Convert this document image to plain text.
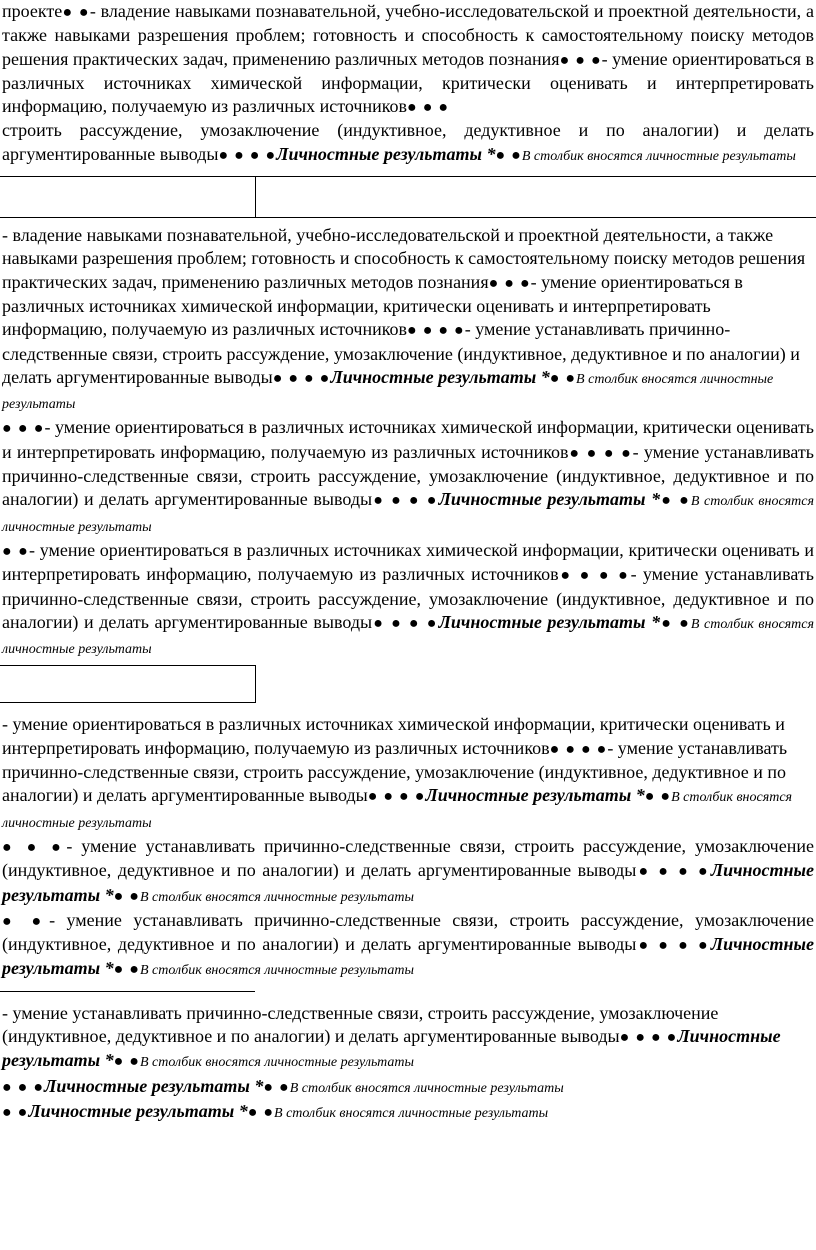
проекте● ●- владение навыками познавательной, учебно-исследовательской и проектной деятельности, а также навыками разрешения проблем; готовность и способность к самостоятельному поиску методов решения практических задач, применению различных методов познания● ● ●- умение ориентироваться в различных источниках химической информации, критически оценивать и интерпретировать информацию, получаемую из различных источников● ● ●
строить рассуждение, умозаключение (индуктивное, дедуктивное и по аналогии) и делать аргументированные выводы● ● ● ●Личностные результаты *● ●В столбик вносятся личностные результаты

- владение навыками познавательной, учебно-исследовательской и проектной деятельности, а также навыками разрешения проблем; готовность и способность к самостоятельному поиску методов решения практических задач, применению различных методов познания● ● ●- умение ориентироваться в различных источниках химической информации, критически оценивать и интерпретировать информацию, получаемую из различных источников● ● ● ●- умение устанавливать причинно-следственные связи, строить рассуждение, умозаключение (индуктивное, дедуктивное и по аналогии) и делать аргументированные выводы● ● ● ●Личностные результаты *● ●В столбик вносятся личностные результаты

● ● ●- умение ориентироваться в различных источниках химической информации, критически оценивать и интерпретировать информацию, получаемую из различных источников● ● ● ●- умение устанавливать причинно-следственные связи, строить рассуждение, умозаключение (индуктивное, дедуктивное и по аналогии) и делать аргументированные выводы● ● ● ●Личностные результаты *● ●В столбик вносятся личностные результаты

● ●- умение ориентироваться в различных источниках химической информации, критически оценивать и интерпретировать информацию, получаемую из различных источников● ● ● ●- умение устанавливать причинно-следственные связи, строить рассуждение, умозаключение (индуктивное, дедуктивное и по аналогии) и делать аргументированные выводы● ● ● ●Личностные результаты *● ●В столбик вносятся личностные результаты

- умение ориентироваться в различных источниках химической информации, критически оценивать и интерпретировать информацию, получаемую из различных источников● ● ● ●- умение устанавливать причинно-следственные связи, строить рассуждение, умозаключение (индуктивное, дедуктивное и по аналогии) и делать аргументированные выводы● ● ● ●Личностные результаты *● ●В столбик вносятся личностные результаты

● ● ●- умение устанавливать причинно-следственные связи, строить рассуждение, умозаключение (индуктивное, дедуктивное и по аналогии) и делать аргументированные выводы● ● ● ●Личностные результаты *● ●В столбик вносятся личностные результаты

● ●- умение устанавливать причинно-следственные связи, строить рассуждение, умозаключение (индуктивное, дедуктивное и по аналогии) и делать аргументированные выводы● ● ● ●Личностные результаты *● ●В столбик вносятся личностные результаты

- умение устанавливать причинно-следственные связи, строить рассуждение, умозаключение (индуктивное, дедуктивное и по аналогии) и делать аргументированные выводы● ● ● ●Личностные результаты *● ●В столбик вносятся личностные результаты

● ● ●Личностные результаты *● ●В столбик вносятся личностные результаты

● ●Личностные результаты *● ●В столбик вносятся личностные результаты
